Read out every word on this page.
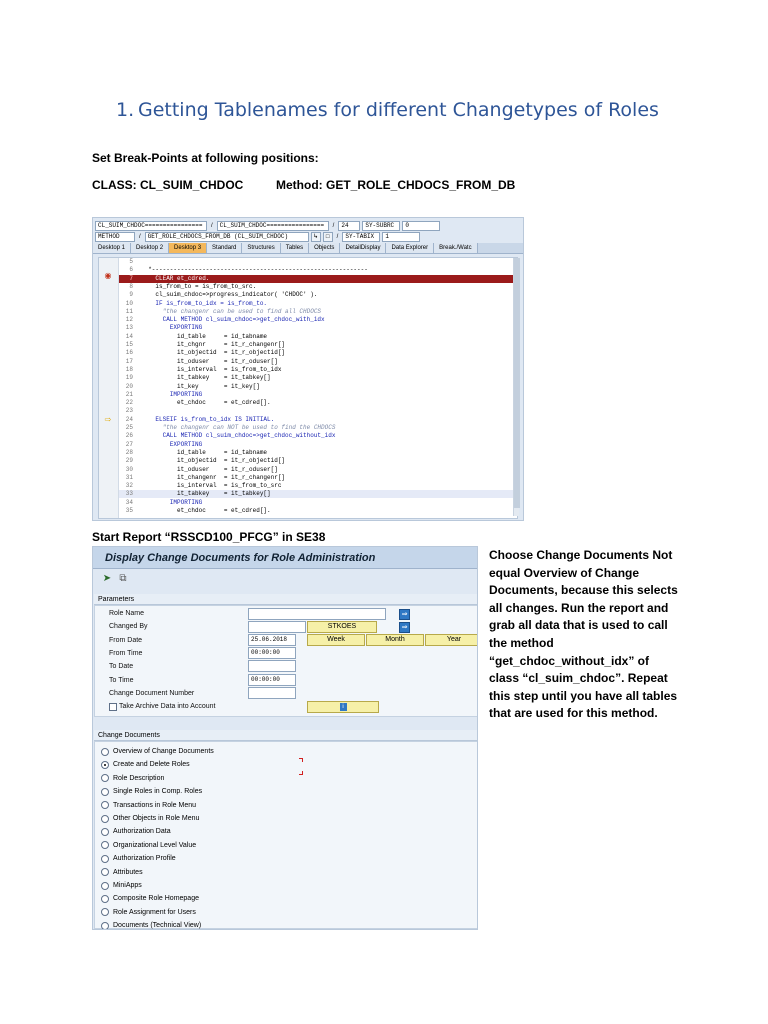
1. Getting Tablenames for different Changetypes of Roles
Set Break-Points at following positions:
CLASS: CL_SUIM_CHDOC	Method: GET_ROLE_CHDOCS_FROM_DB
CL_SUIM_CHDOC================	/	CL_SUIM_CHDOC================	/	24	SY-SUBRC	0
METHOD	/	GET_ROLE_CHDOCS_FROM_DB (CL_SUIM_CHDOC)	↳	□	/	SY-TABIX	1
Desktop 1	Desktop 2	Desktop 3	Standard	Structures	Tables	Objects	DetailDisplay	Data Explorer	Break./Watc
◉
⇨
5
6  *------------------------------------------------------------
7    CLEAR et_cdred.
8    is_from_to = is_from_to_src.
9    cl_suim_chdoc=>progress_indicator( 'CHDOC' ).
10    IF is_from_to_idx = is_from_to.
11      "the changenr can be used to find all CHDOCS
12      CALL METHOD cl_suim_chdoc=>get_chdoc_with_idx
13        EXPORTING
14          id_table     = id_tabname
15          it_chgnr     = it_r_changenr[]
16          it_objectid  = it_r_objectid[]
17          it_oduser    = it_r_oduser[]
18          is_interval  = is_from_to_idx
19          it_tabkey    = it_tabkey[]
20          it_key       = it_key[]
21        IMPORTING
22          et_chdoc     = et_cdred[].
23
24    ELSEIF is_from_to_idx IS INITIAL.
25      "the changenr can NOT be used to find the CHDOCS
26      CALL METHOD cl_suim_chdoc=>get_chdoc_without_idx
27        EXPORTING
28          id_table     = id_tabname
29          it_objectid  = it_r_objectid[]
30          it_oduser    = it_r_oduser[]
31          it_changenr  = it_r_changenr[]
32          is_interval  = is_from_to_src
33          it_tabkey    = it_tabkey[]
34        IMPORTING
35          et_chdoc     = et_cdred[].
Start Report “RSSCD100_PFCG” in SE38
Display Change Documents for Role Administration
➤ ⧉
Parameters
Role Name	⇒
Changed By	STKOES	⇒
From Date	25.06.2018	Week	Month	Year
From Time	00:00:00
To Date
To Time	00:00:00
Change Document Number
Take Archive Data into Account	i
Change Documents
Overview of Change Documents
Create and Delete Roles
Role Description
Single Roles in Comp. Roles
Transactions in Role Menu
Other Objects in Role Menu
Authorization Data
Organizational Level Value
Authorization Profile
Attributes
MiniApps
Composite Role Homepage
Role Assignment for Users
Documents (Technical View)
Choose Change Documents Not equal Overview of Change Documents, because this selects all changes. Run the report and grab all data that is used to call the method “get_chdoc_without_idx” of class “cl_suim_chdoc”. Repeat this step until you have all tables that are used for this method.
